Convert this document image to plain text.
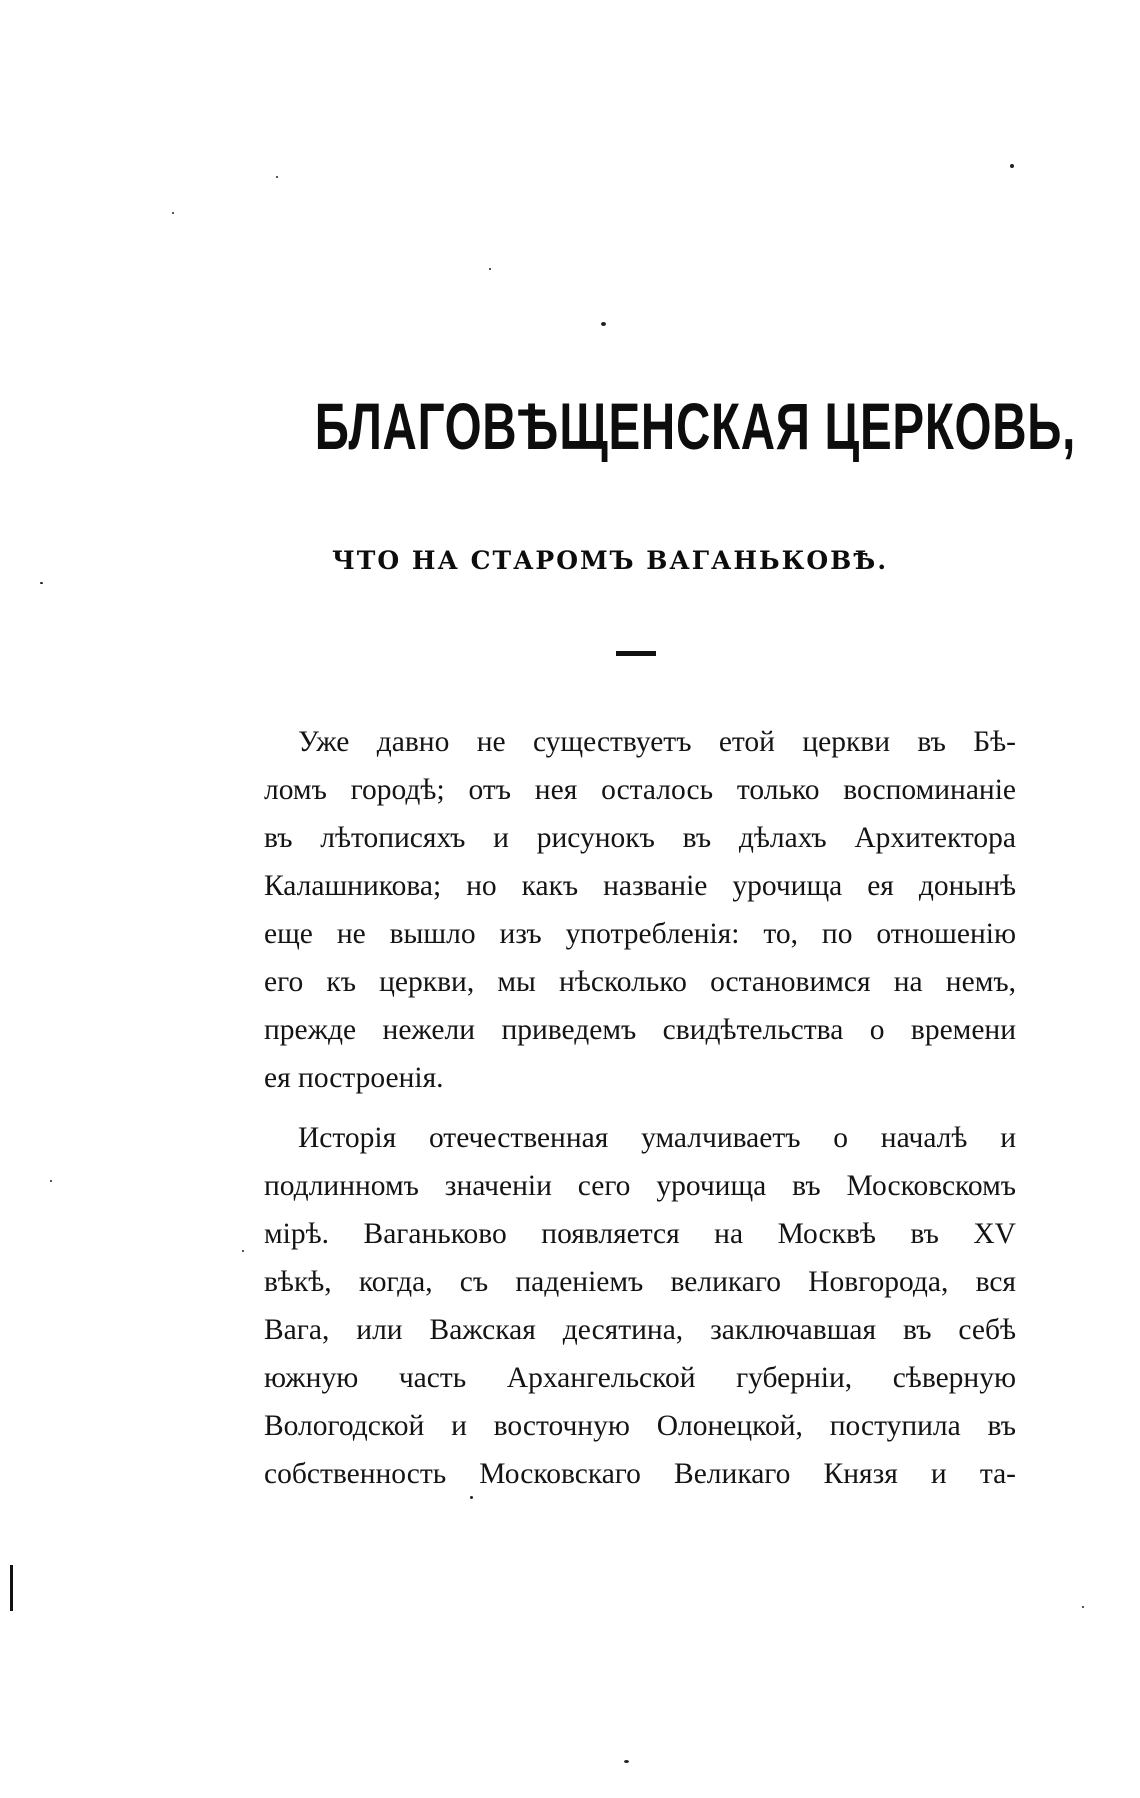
БЛАГОВѢЩЕНСКАЯ ЦЕРКОВЬ,
ЧТО НА СТАРОМЪ ВАГАНЬКОВѢ.
Уже давно не существуетъ етой церкви въ Бѣ-
ломъ городѣ; отъ нея осталось только воспоминаніе
въ лѣтописяхъ и рисунокъ въ дѣлахъ Архитектора
Калашникова; но какъ названіе урочища ея донынѣ
еще не вышло изъ употребленія: то, по отношенію
его къ церкви, мы нѣсколько остановимся на немъ,
прежде нежели приведемъ свидѣтельства о времени
ея построенія.
Исторія отечественная умалчиваетъ о началѣ и
подлинномъ значеніи сего урочища въ Московскомъ
мірѣ. Ваганьково появляется на Москвѣ въ XV
вѣкѣ, когда, съ паденіемъ великаго Новгорода, вся
Вага, или Важская десятина, заключавшая въ себѣ
южную часть Архангельской губерніи, сѣверную
Вологодской и восточную Олонецкой, поступила въ
собственность Московскаго Великаго Князя и та-
